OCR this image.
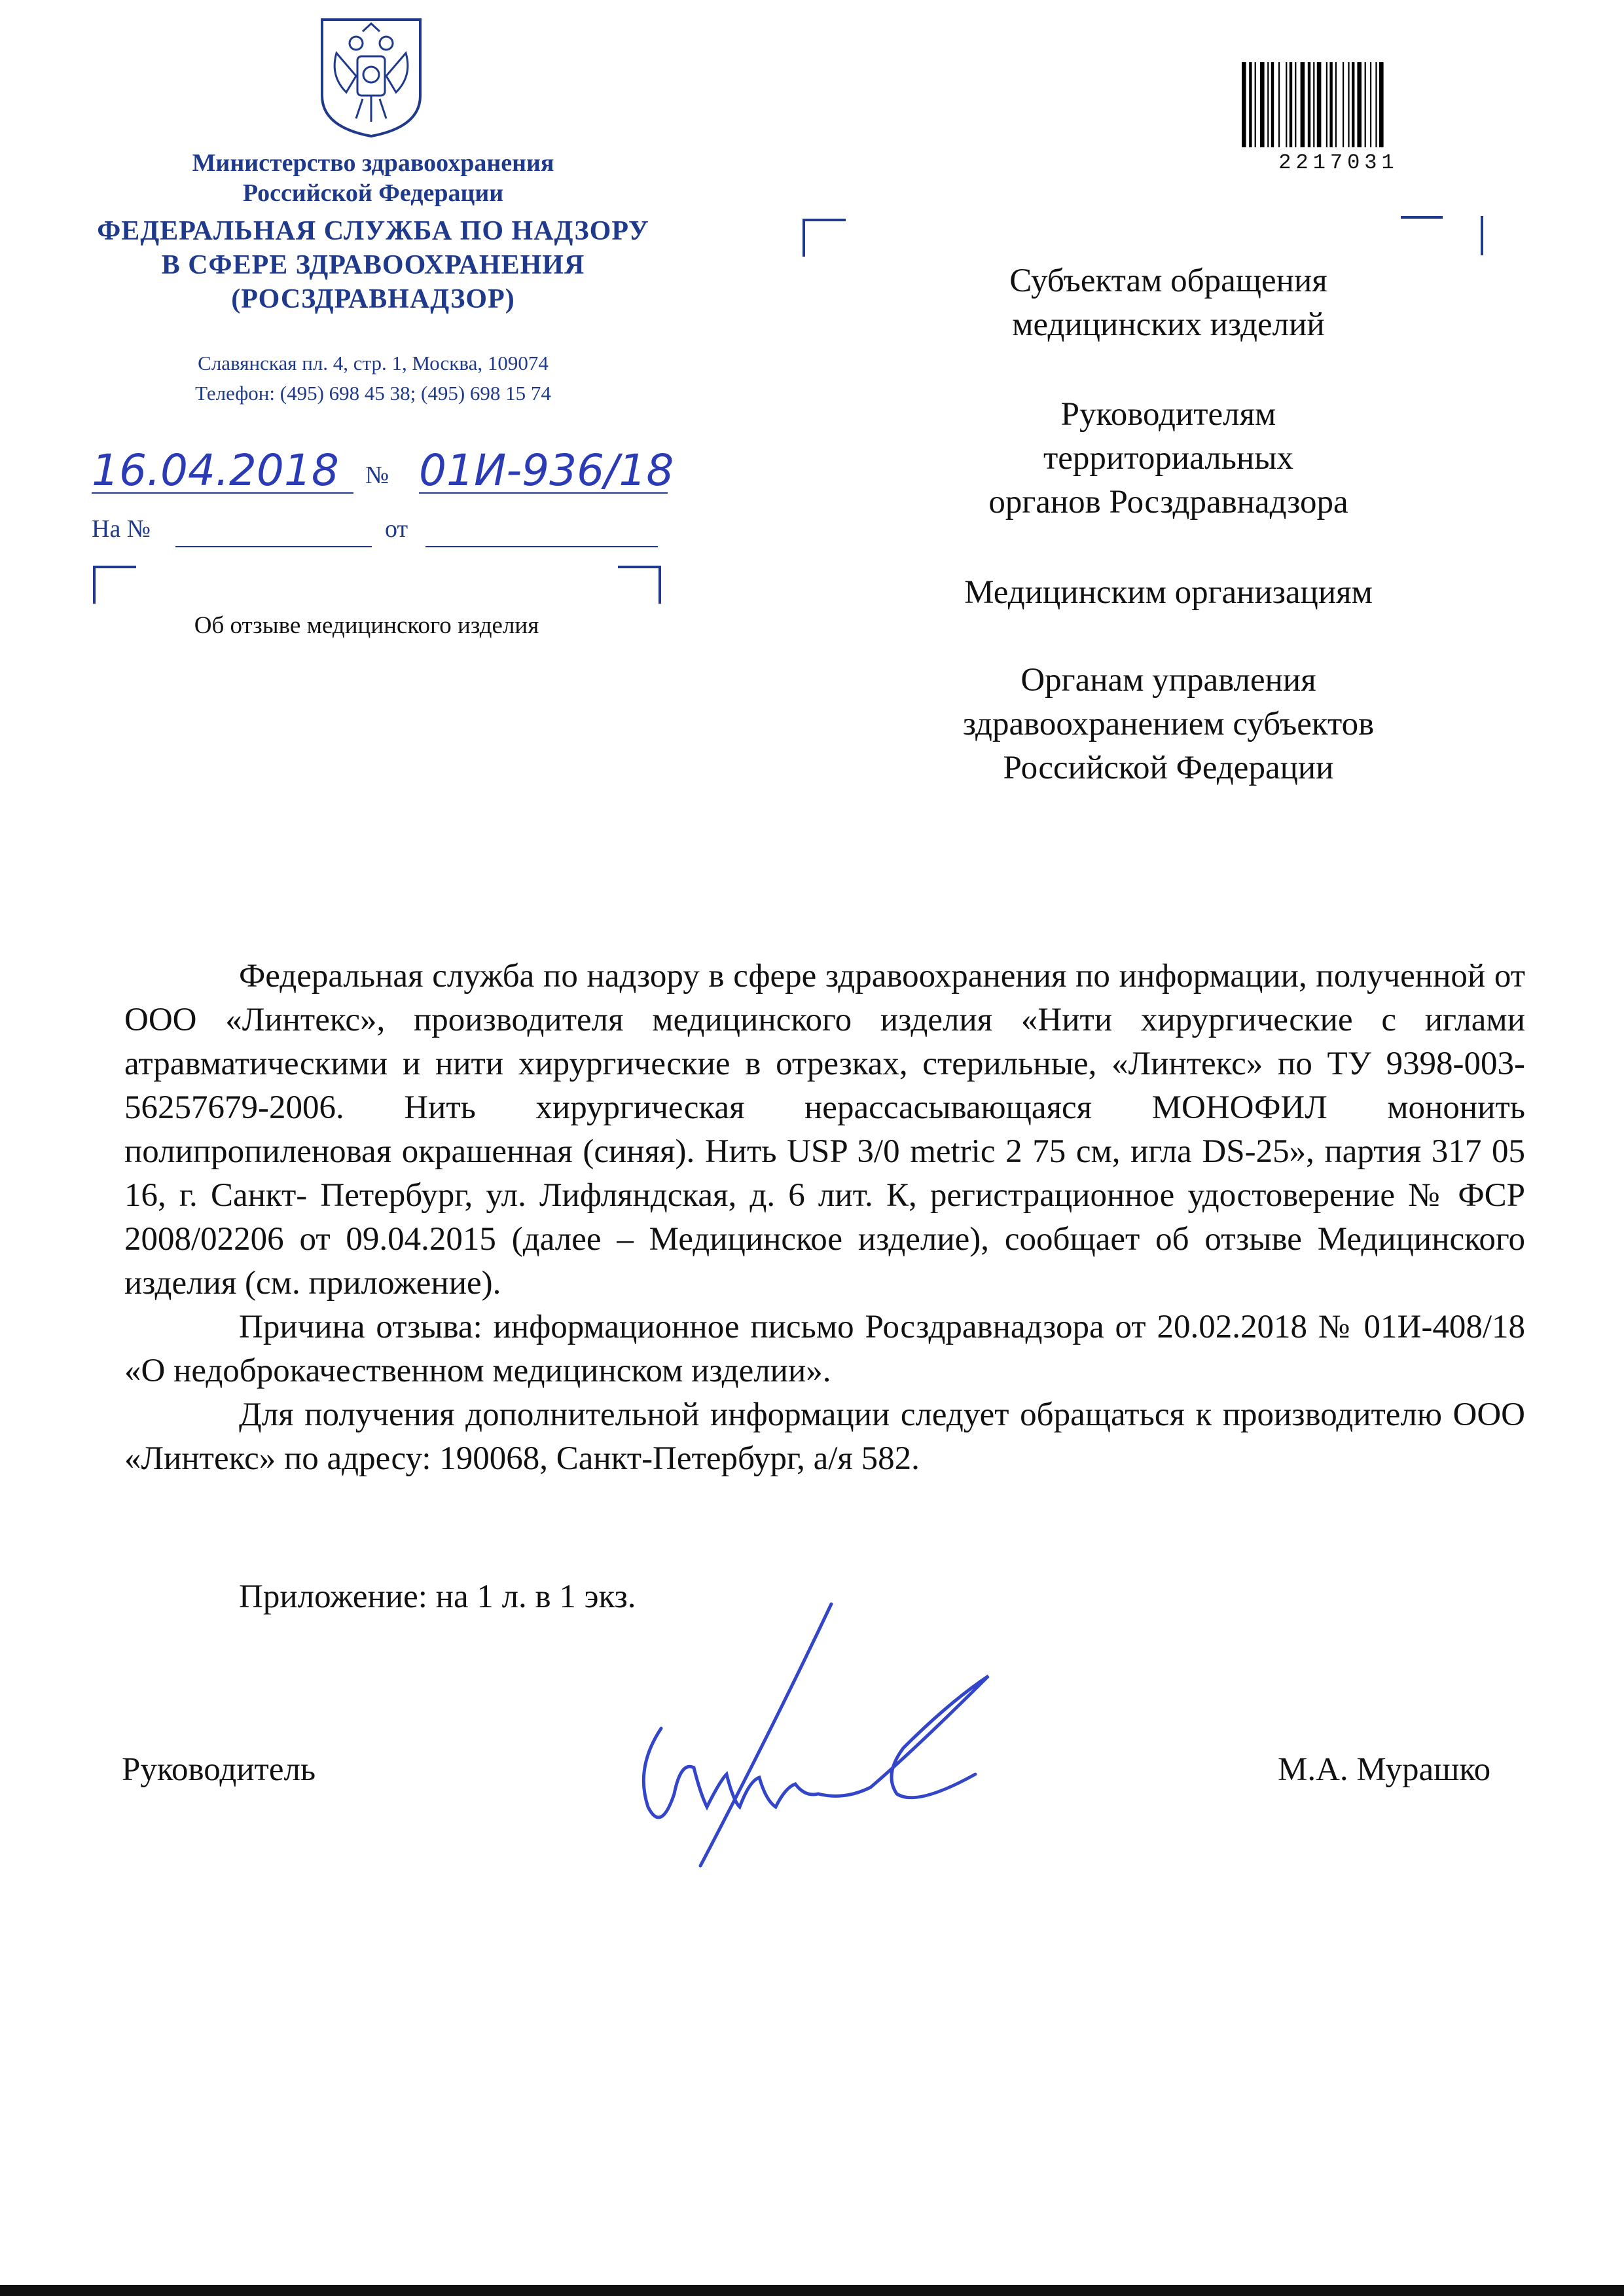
Министерство здравоохранения
Российской Федерации
ФЕДЕРАЛЬНАЯ СЛУЖБА ПО НАДЗОРУ
В СФЕРЕ ЗДРАВООХРАНЕНИЯ
(РОСЗДРАВНАДЗОР)
Славянская пл. 4, стр. 1, Москва, 109074
Телефон: (495) 698 45 38; (495) 698 15 74
16.04.2018 № 01И-936/18
На №	от
Об отзыве медицинского изделия
2217031
Субъектам обращения
медицинских изделий
Руководителям
территориальных
органов Росздравнадзора
Медицинским организациям
Органам управления
здравоохранением субъектов
Российской Федерации

Федеральная служба по надзору в сфере здравоохранения по информации, полученной от ООО «Линтекс», производителя медицинского изделия «Нити хирургические с иглами атравматическими и нити хирургические в отрезках, стерильные, «Линтекс» по ТУ 9398-003- 56257679-2006. Нить хирургическая нерассасывающаяся МОНОФИЛ мононить полипропиленовая окрашенная (синяя). Нить USP 3/0 metric 2 75 см, игла DS-25», партия 317 05 16, г. Санкт- Петербург, ул. Лифляндская, д. 6 лит. К, регистрационное удостоверение № ФСР 2008/02206 от 09.04.2015 (далее – Медицинское изделие), сообщает об отзыве Медицинского изделия (см. приложение).

Причина отзыва: информационное письмо Росздравнадзора от 20.02.2018 № 01И-408/18 «О недоброкачественном медицинском изделии».

Для получения дополнительной информации следует обращаться к производителю ООО «Линтекс» по адресу: 190068, Санкт-Петербург, а/я 582.

Приложение: на 1 л. в 1 экз.
Руководитель	М.А. Мурашко
